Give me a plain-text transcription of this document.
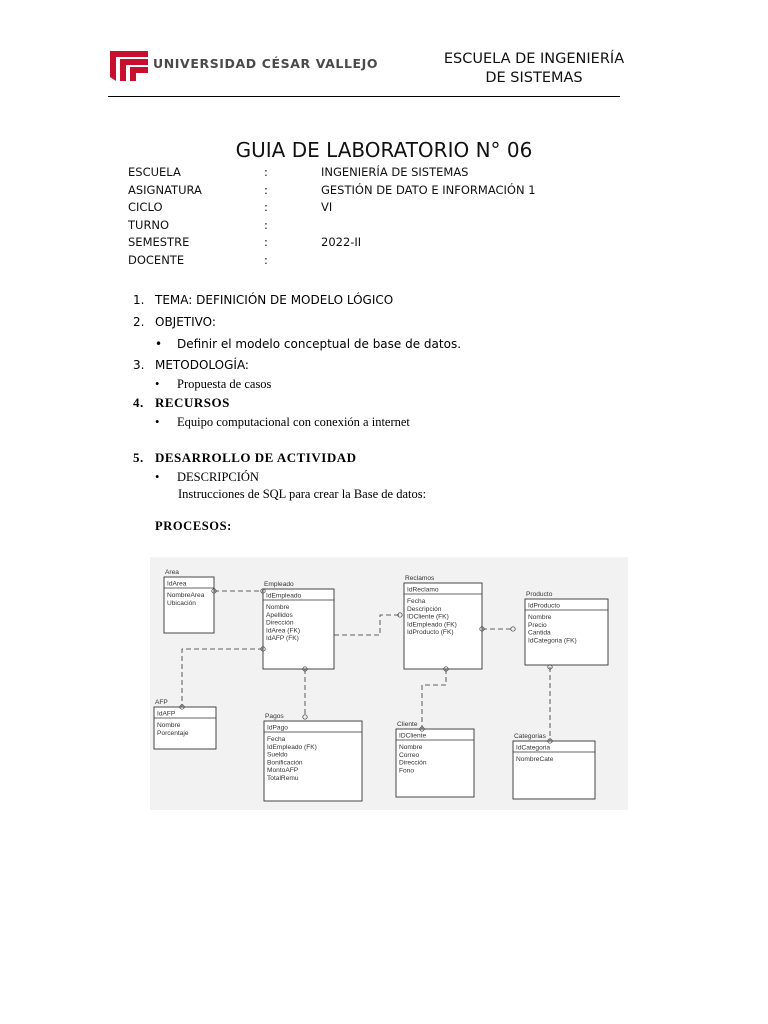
UNIVERSIDAD CÉSAR VALLEJO	ESCUELA DE INGENIERÍA
DE SISTEMAS
GUIA DE LABORATORIO N° 06
ESCUELA	:	INGENIERÍA DE SISTEMAS
ASIGNATURA	:	GESTIÓN DE DATO E INFORMACIÓN 1
CICLO	:	VI
TURNO	:
SEMESTRE	:	2022-II
DOCENTE	:
1. TEMA: DEFINICIÓN DE MODELO LÓGICO
2. OBJETIVO:
• Definir el modelo conceptual de base de datos.
3. METODOLOGÍA:
• Propuesta de casos
4. RECURSOS
• Equipo computacional con conexión a internet
5. DESARROLLO DE ACTIVIDAD
• DESCRIPCIÓN
Instrucciones de SQL para crear la Base de datos:
PROCESOS:
Area
IdArea
NombreArea
Ubicación
Empleado
IdEmpleado
Nombre
Apellidos
Dirección
IdArea (FK)
IdAFP (FK)
Reclamos
IdReclamo
Fecha
Descripción
IDCliente (FK)
IdEmpleado (FK)
IdProducto (FK)
Producto
IdProducto
Nombre
Precio
Cantida
IdCategoria (FK)
AFP
IdAFP
Nombre
Porcentaje
Pagos
IdPago
Fecha
IdEmpleado (FK)
Sueldo
Bonificación
MontoAFP
TotalRemu
Cliente
IDCliente
Nombre
Correo
Dirección
Fono
Categorias
IdCategoria
NombreCate
